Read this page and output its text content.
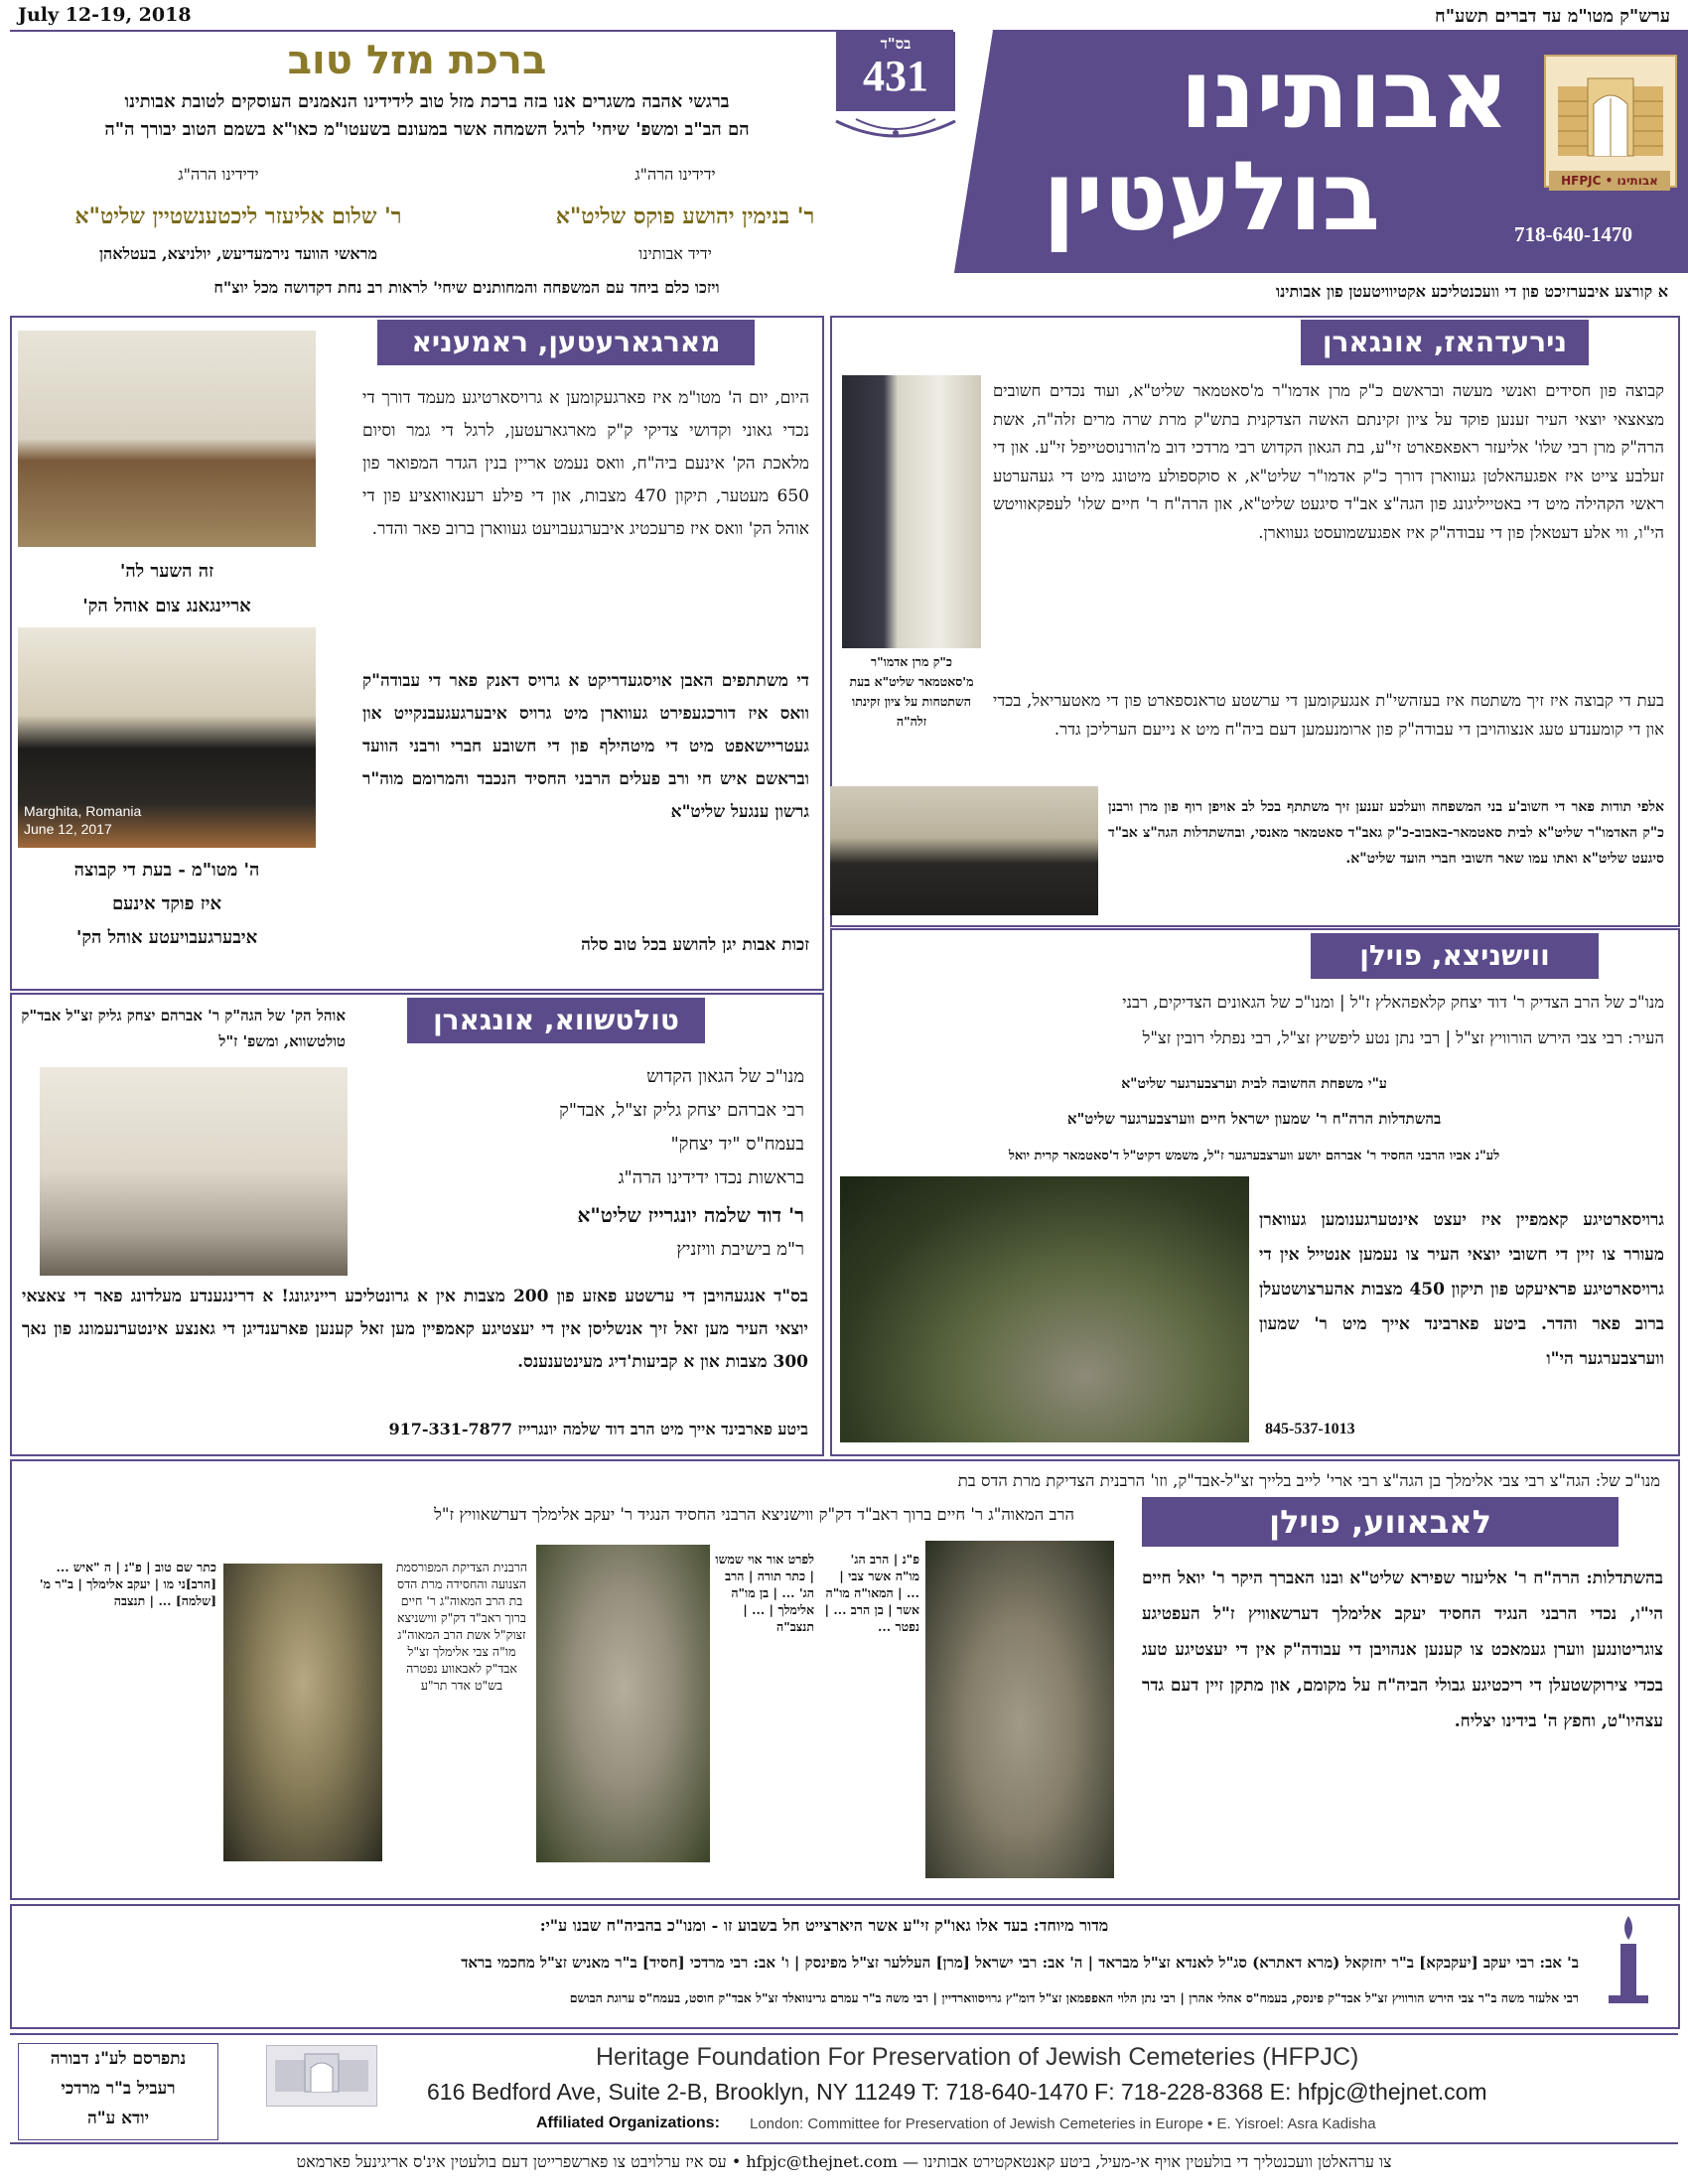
July 12-19, 2018	ערש"ק מטו"מ עד דברים תשע"ח
אבותינו
בולעטין	HFPJC • אבותינו
718-640-1470
א קורצע איבערזיכט פון די וועכנטליכע אקטיוויטעטן פון אבותינו
בס"ד
431
ברכת מזל טוב
ברגשי אהבה משגרים אנו בזה ברכת מזל טוב לידידינו הנאמנים העוסקים לטובת אבותינו
הם הב"ב ומשפ' שיחי' לרגל השמחה אשר במעונם בשעטו"מ כאו"א בשמם הטוב יבורך ה"ה
ידידינו הרה"ג
ר' בנימין יהושע פוקס שליט"א
ידיד אבותינו
ידידינו הרה"ג
ר' שלום אליעזר ליכטענשטיין שליט"א
מראשי הוועד נירמעדיעש, יולניצא, בעטלאהן
ויזכו כלם ביחד עם המשפחה והמחותנים שיחי' לראות רב נחת דקדושה מכל יוצ"ח
נירעדהאז, אונגארן
קבוצה פון חסידים ואנשי מעשה ובראשם כ"ק מרן אדמו"ר מ'סאטמאר שליט"א, ועוד נכדים חשובים מצאצאי יוצאי העיר זענען פוקד על ציון זקינתם האשה הצדקנית בתש"ק מרת שרה מרים זלה"ה, אשת הרה"ק מרן רבי שלו' אליעזר ראפאפארט זי"ע, בת הגאון הקדוש רבי מרדכי דוב מ'הורנוסטייפל זי"ע. און די זעלבע צייט איז אפגעהאלטן געווארן דורך כ"ק אדמו"ר שליט"א, א סוקספולע מיטונג מיט די געהערטע ראשי הקהילה מיט די באטייליגונג פון הגה"צ אב"ד סיגעט שליט"א, און הרה"ח ר' חיים שלו' לעפקאוויטש הי"ו, ווי אלע דעטאלן פון די עבודה"ק איז אפגעשמועסט געווארן.
כ"ק מרן אדמו"ר מ'סאטמאר שליט"א בעת השתטחות על ציון זקינתו זלה"ה
בעת די קבוצה איז זיך משתטח איז בעזהשי"ת אנגעקומען די ערשטע טראנספארט פון די מאטעריאל, בכדי און די קומענדע טעג אנצוהויבן די עבודה"ק פון ארומנעמען דעם ביה"ח מיט א נייעם הערליכן גדר.
אלפי תודות פאר די חשוב'ע בני המשפחה וועלכע זענען זיך משתתף בכל לב אויפן רוף פון מרן ורבנן כ"ק האדמו"ר שליט"א לבית סאטמאר-באבוב-כ"ק גאב"ד סאטמאר מאנסי, ובהשתדלות הגה"צ אב"ד סיגעט שליט"א ואתו עמו שאר חשובי חברי הועד שליט"א.
מארגארעטען, ראמעניא
היום, יום ה' מטו"מ איז פארגעקומען א גרויסארטיגע מעמד דורך די נכדי גאוני וקדושי צדיקי ק"ק מארגארעטען, לרגל די גמר וסיום מלאכת הק' אינעם ביה"ח, וואס נעמט אריין בנין הגדר המפואר פון 650 מעטער, תיקון 470 מצבות, און די פילע רענאוואציע פון די אוהל הק' וואס איז פרעכטיג איבערגעבויעט געווארן ברוב פאר והדר.
די משתתפים האבן אויסגעדריקט א גרויס דאנק פאר די עבודה"ק וואס איז דורכגעפירט געווארן מיט גרויס איבערגעגעבנקייט און געטריישאפט מיט די מיטהילף פון די חשובע חברי ורבני הוועד ובראשם איש חי ורב פעלים הרבני החסיד הנכבד והמרומם מוה"ר גרשון ענגעל שליט"א
זכות אבות יגן להושע בכל טוב סלה
זה השער לה'
אריינגאנג צום אוהל הק'
Marghita, Romania
June 12, 2017
ה' מטו"מ - בעת די קבוצה
איז פוקד אינעם
איבערגעבויעטע אוהל הק'
ווישניצא, פוילן
מנו"כ של הרב הצדיק ר' דוד יצחק קלאפהאלץ ז"ל | ומנו"כ של הגאונים הצדיקים, רבני
העיר: רבי צבי הירש הורוויץ זצ"ל | רבי נתן נטע ליפשיץ זצ"ל, רבי נפתלי רובין זצ"ל
ע"י משפחת החשובה לבית וערצבערגער שליט"א
בהשתדלות הרה"ח ר' שמעון ישראל חיים ווערצבערגער שליט"א
לע"נ אביו הרבני החסיד ר' אברהם יושע ווערצבערגער ז"ל, משמש דקיט"ל ד'סאטמאר קרית יואל
גרויסארטיגע קאמפיין איז יעצט אינטערגענומען געווארן מעורר צו זיין די חשובי יוצאי העיר צו נעמען אנטייל אין די גרויסארטיגע פראיעקט פון תיקון 450 מצבות אהערצושטעלן ברוב פאר והדר. ביטע פארבינד אייך מיט ר' שמעון ווערצבערגער הי"ו
845-537-1013
טולטשווא, אונגארן
אוהל הק' של הגה"ק ר' אברהם יצחק גליק זצ"ל אבד"ק טולטשווא, ומשפ' ז"ל
מנו"כ של הגאון הקדוש
רבי אברהם יצחק גליק זצ"ל, אבד"ק
בעמח"ס "יד יצחק"
בראשות נכדו ידידינו הרה"ג
ר' דוד שלמה יונגרייז שליט"א
ר"מ בישיבת וויזניץ
בס"ד אנגעהויבן די ערשטע פאזע פון 200 מצבות אין א גרונטליכע רייניגונג! א דרינגענדע מעלדונג פאר די צאצאי יוצאי העיר מען זאל זיך אנשליסן אין די יעצטיגע קאמפיין מען זאל קענען פארענדיגן די גאנצע אינטערנעמונג פון נאך 300 מצבות און א קביעות'דיג מעינטענענס.
ביטע פארבינד אייך מיט הרב דוד שלמה יונגרייז 917-331-7877
מנו"כ של: הגה"צ רבי צבי אלימלך בן הגה"צ רבי ארי' לייב בלייך זצ"ל-אבד"ק, וזו' הרבנית הצדיקת מרת הדס בת
הרב המאוה"ג ר' חיים ברוך ראב"ד דק"ק ווישניצא הרבני החסיד הנגיד ר' יעקב אלימלך דערשאוויץ ז"ל	לאבאווע, פוילן
בהשתדלות: הרה"ח ר' אליעזר שפירא שליט"א ובנו האברך היקר ר' יואל חיים הי"ו, נכדי הרבני הנגיד החסיד יעקב אלימלך דערשאוויץ ז"ל העפטיגע צוגריטונגען ווערן געמאכט צו קענען אנהויבן די עבודה"ק אין די יעצטיגע טעג בכדי צירוקשטעלן די ריכטיגע גבולי הביה"ח על מקומם, און מתקן זיין דעם גדר עצהיו"ט, וחפץ ה' בידינו יצליח.
פ"נ | הרב הג' מו"ה אשר צבי | ... | המאו"ה מו"ה אשר | בן הרב ... | נפטר ...
לפרט אור אוי שמשו | כתר תורה | הרב הג' ... | בן מו"ה אלימלך | ... | תנצב"ה
הרבנית הצדיקת המפורסמת הצנועה והחסידה מרת הדס בת הרב המאוה"ג ר' חיים ברוך ראב"ד דק"ק ווישניצא זצוק"ל אשת הרב המאוה"ג מו"ה צבי אלימלך זצ"ל אבד"ק לאבאווע נפטרה בש"ט אדר תר"ע
כתר שם טוב | פ"נ | ה "איש ... [הרב]ני מו | יעקב אלימלך | ב"ר מ' [שלמה] ... | תנצבה
מדור מיוחד: בעד אלו גאו"ק זי"ע אשר היארצייט חל בשבוע זו - ומנו"כ בהביה"ח שבנו ע"י:
ב' אב: רבי יעקב [יעקבקא] ב"ר יחזקאל (מרא דאתרא) סג"ל לאנדא זצ"ל מבראד | ה' אב: רבי ישראל [מרן] העללער זצ"ל מפינסק | ו' אב: רבי מרדכי [חסיד] ב"ר מאניש זצ"ל מחכמי בראד
רבי אלעזר משה ב"ר צבי הירש הורוויץ זצ"ל אבד"ק פינסק, בעמח"ס אהלי אהרן | רבי נתן הלוי האפפמאן זצ"ל דומ"ץ גרויסווארדיין | רבי משה ב"ר עמרם גרינוואלד זצ"ל אבד"ק חוסט, בעמח"ס ערוגת הבושם
נתפרסם לע"נ דבורה
רעביל ב"ר מרדכי
יודא ע"ה
Heritage Foundation For Preservation of Jewish Cemeteries (HFPJC)
616 Bedford Ave, Suite 2-B, Brooklyn, NY 11249 T: 718-640-1470 F: 718-228-8368 E: hfpjc@thejnet.com
Affiliated Organizations: London: Committee for Preservation of Jewish Cemeteries in Europe • E. Yisroel: Asra Kadisha
צו ערהאלטן וועכנטליך די בולעטין אויף אי-מעיל, ביטע קאנטאקטירט אבותינו — hfpjc@thejnet.com • עס איז ערלויבט צו פארשפרייטן דעם בולעטין אינ'ס אריגינעל פארמאט
